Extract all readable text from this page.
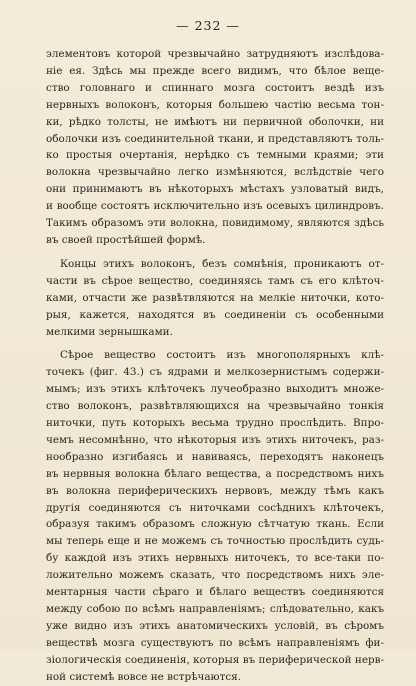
— 232 —
элементовъ которой чрезвычайно затрудняютъ изслѣдова-
ніе ея. Здѣсь мы прежде всего видимъ, что бѣлое веще-
ство головнаго и спиннаго мозга состоитъ вездѣ изъ
нервныхъ волоконъ, которыя большею частію весьма тон-
ки, рѣдко толсты, не имѣютъ ни первичной оболочки, ни
оболочки изъ соединительной ткани, и представляютъ толь-
ко простыя очертанія, нерѣдко съ темными краями; эти
волокна чрезвычайно легко измѣняются, вслѣдствіе чего
они принимаютъ въ нѣкоторыхъ мѣстахъ узловатый видъ,
и вообще состоятъ исключительно изъ осевыхъ цилиндровъ.
Такимъ образомъ эти волокна, повидимому, являются здѣсь
въ своей простѣйшей формѣ.
Концы этихъ волоконъ, безъ сомнѣнія, проникаютъ от-
части въ сѣрое вещество, соединяясь тамъ съ его клѣточ-
ками, отчасти же развѣтвляются на мелкіе ниточки, кото-
рыя, кажется, находятся въ соединеніи съ особенными
мелкими зернышками.
Сѣрое вещество состоитъ изъ многополярныхъ клѣ-
точекъ (фиг. 43.) съ ядрами и мелкозернистымъ содержи-
мымъ; изъ этихъ клѣточекъ лучеобразно выходитъ множе-
ство волоконъ, развѣтвляющихся на чрезвычайно тонкія
ниточки, путь которыхъ весьма трудно прослѣдить. Впро-
чемъ несомнѣнно, что нѣкоторыя изъ этихъ ниточекъ, раз-
нообразно изгибаясь и навиваясь, переходятъ наконецъ
въ нервныя волокна бѣлаго вещества, а посредствомъ нихъ
въ волокна периферическихъ нервовъ, между тѣмъ какъ
другія соединяются съ ниточками сосѣднихъ клѣточекъ,
образуя такимъ образомъ сложную сѣтчатую ткань. Если
мы теперь еще и не можемъ съ точностью прослѣдить судь-
бу каждой изъ этихъ нервныхъ ниточекъ, то все-таки по-
ложительно можемъ сказать, что посредствомъ нихъ эле-
ментарныя части сѣраго и бѣлаго веществъ соединяются
между собою по всѣмъ направленіямъ; слѣдовательно, какъ
уже видно изъ этихъ анатомическихъ условій, въ сѣромъ
веществѣ мозга существуютъ по всѣмъ направленіямъ фи-
зіологическія соединенія, которыя въ периферической нерв-
ной системѣ вовсе не встрѣчаются.
